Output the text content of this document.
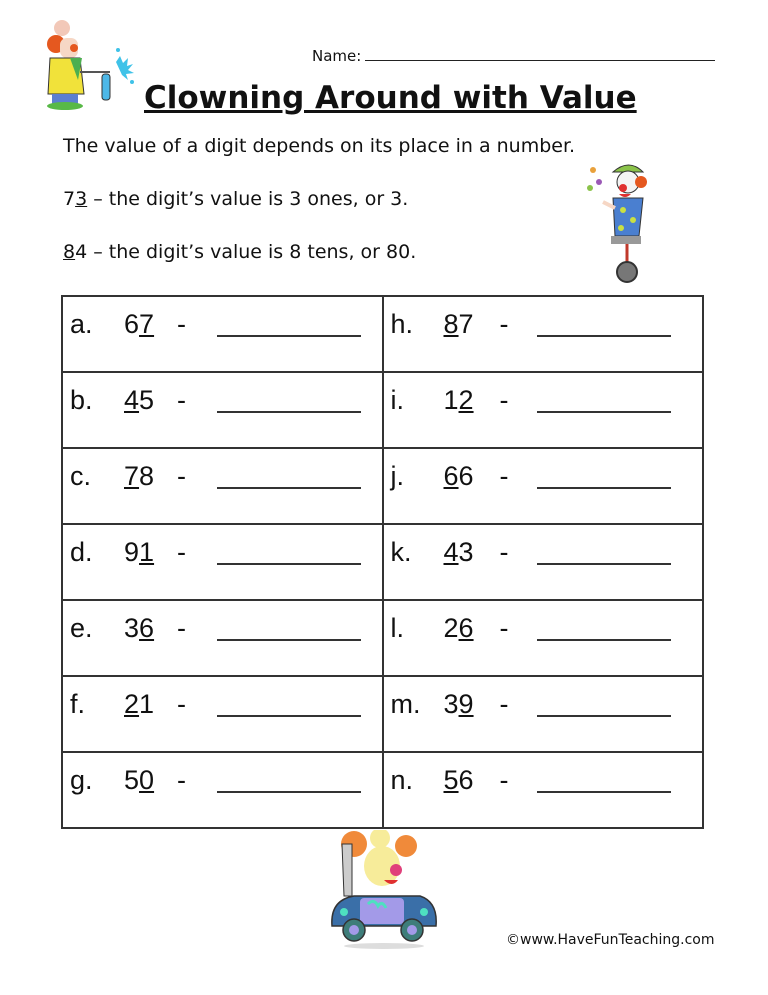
Name:
Clowning Around with Value
The value of a digit depends on its place in a number.
73 – the digit’s value is 3 ones, or 3.
84 – the digit’s value is 8 tens, or 80.
a. 67 -	h. 87 -

b. 45 -	i. 12 -

c. 78 -	j. 66 -

d. 91 -	k. 43 -

e. 36 -	l. 26 -

f. 21 -	m. 39 -

g. 50 -	n. 56 -
©www.HaveFunTeaching.com
